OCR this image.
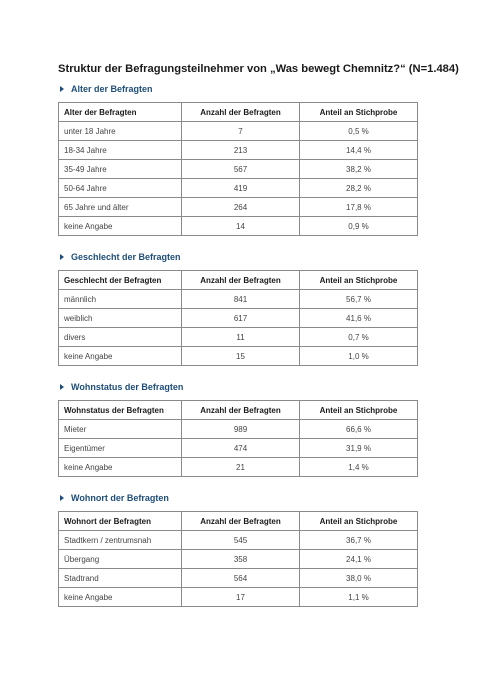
Struktur der Befragungsteilnehmer von „Was bewegt Chemnitz?“ (N=1.484)
Alter der Befragten
Alter der Befragten	Anzahl der Befragten	Anteil an Stichprobe
unter 18 Jahre	7	0,5 %
18-34 Jahre	213	14,4 %
35-49 Jahre	567	38,2 %
50-64 Jahre	419	28,2 %
65 Jahre und älter	264	17,8 %
keine Angabe	14	0,9 %
Geschlecht der Befragten
Geschlecht der Befragten	Anzahl der Befragten	Anteil an Stichprobe
männlich	841	56,7 %
weiblich	617	41,6 %
divers	11	0,7 %
keine Angabe	15	1,0 %
Wohnstatus der Befragten
Wohnstatus der Befragten	Anzahl der Befragten	Anteil an Stichprobe
Mieter	989	66,6 %
Eigentümer	474	31,9 %
keine Angabe	21	1,4 %
Wohnort der Befragten
Wohnort der Befragten	Anzahl der Befragten	Anteil an Stichprobe
Stadtkern / zentrumsnah	545	36,7 %
Übergang	358	24,1 %
Stadtrand	564	38,0 %
keine Angabe	17	1,1 %
